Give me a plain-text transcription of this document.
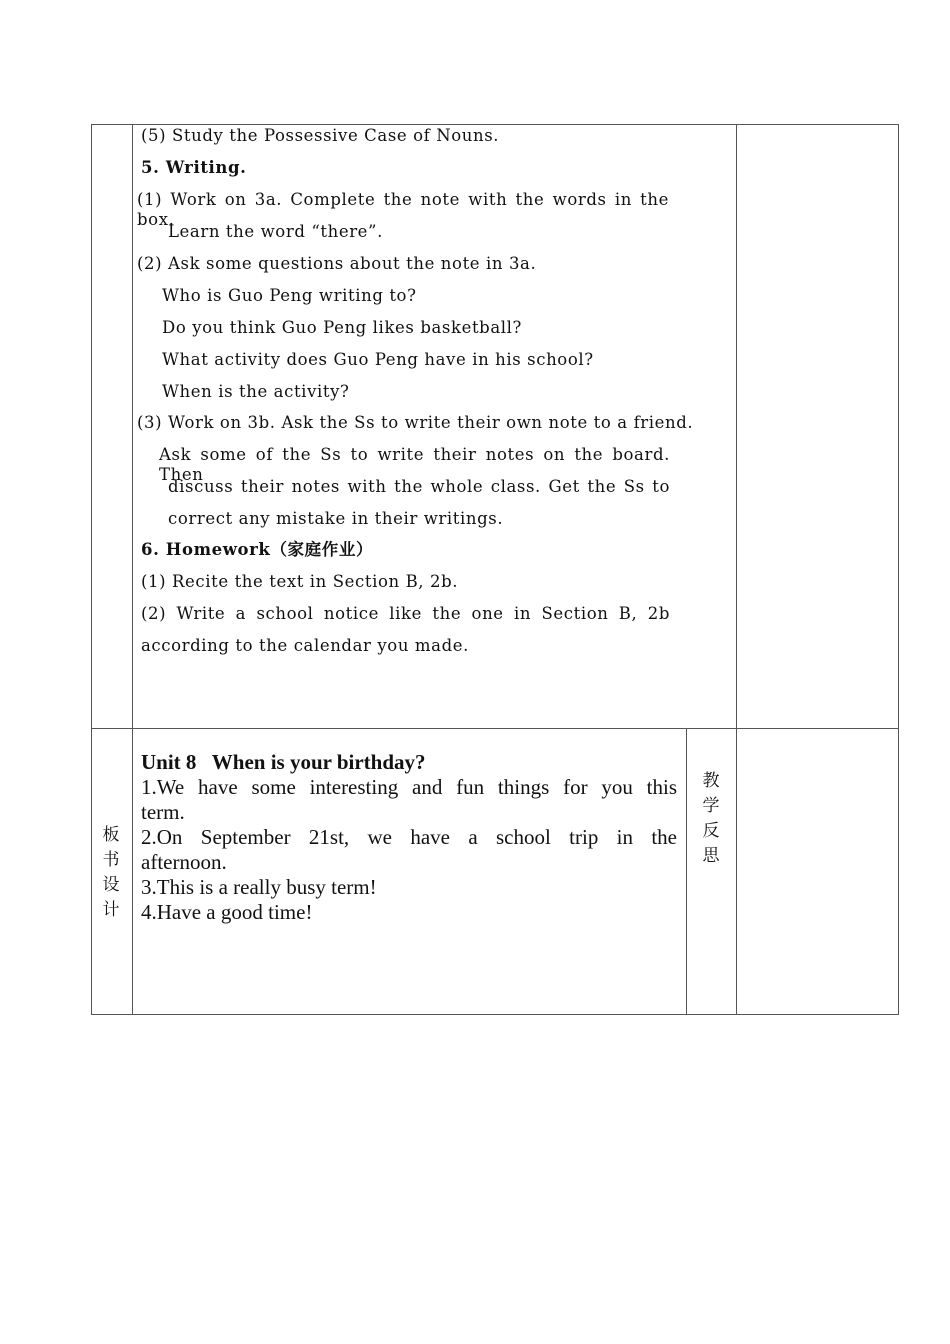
(5) Study the Possessive Case of Nouns.
5. Writing.
(1) Work on 3a. Complete the note with the words in the box.
Learn the word “there”.
(2) Ask some questions about the note in 3a.
Who is Guo Peng writing to?
Do you think Guo Peng likes basketball?
What activity does Guo Peng have in his school?
When is the activity?
(3) Work on 3b. Ask the Ss to write their own note to a friend.
Ask some of the Ss to write their notes on the board. Then
discuss their notes with the whole class. Get the Ss to
correct any mistake in their writings.
6. Homework（家庭作业）
(1) Recite the text in Section B, 2b.
(2) Write a school notice like the one in Section B, 2b
according to the calendar you made.
板
书
设
计
Unit 8   When is your birthday?
1.We have some interesting and fun things for you this
term.
2.On September 21st, we have a school trip in the
afternoon.
3.This is a really busy term!
4.Have a good time!
教
学
反
思
